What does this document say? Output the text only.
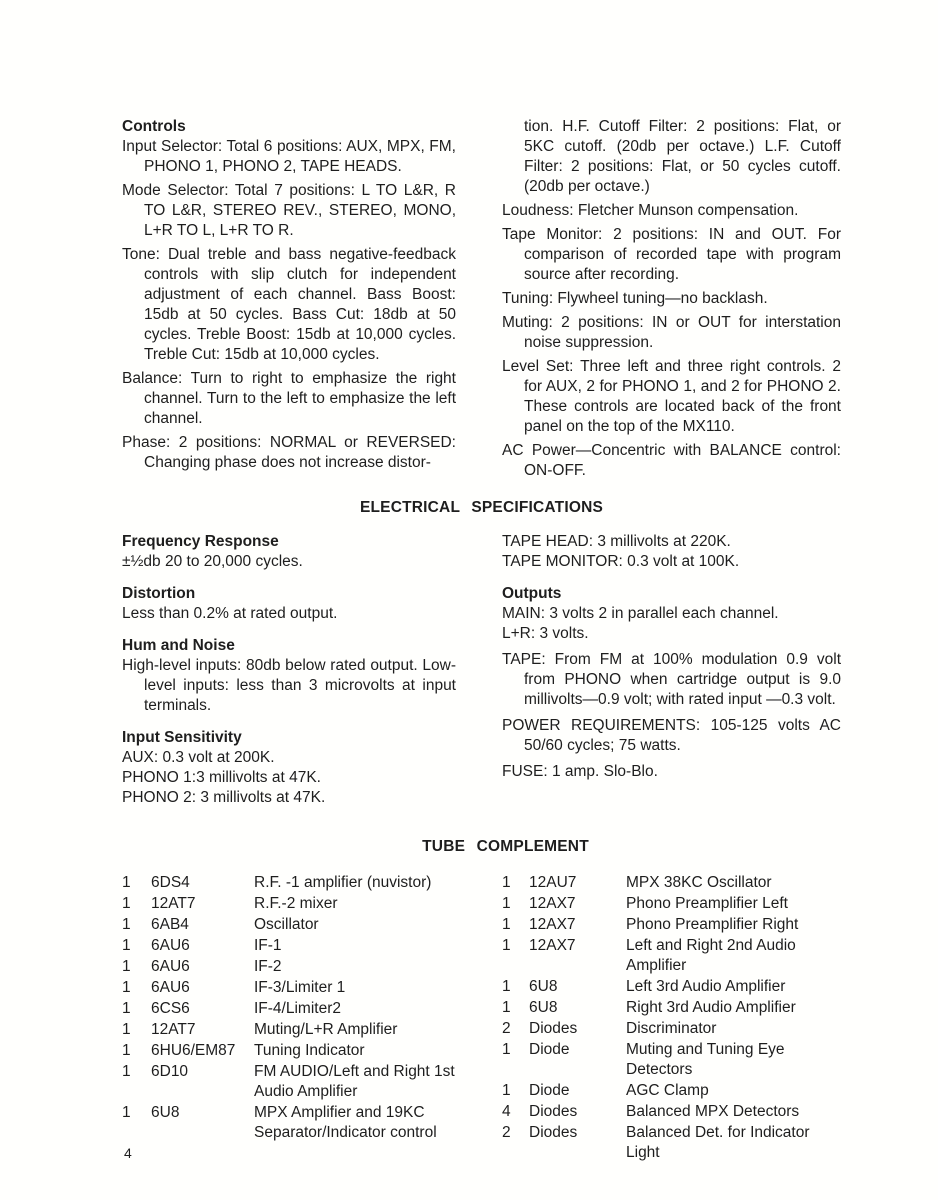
Controls

Input Selector: Total 6 positions: AUX, MPX, FM, PHONO 1, PHONO 2, TAPE HEADS.

Mode Selector: Total 7 positions: L TO L&R, R TO L&R, STEREO REV., STEREO, MONO, L+R TO L, L+R TO R.

Tone: Dual treble and bass negative-feedback controls with slip clutch for independent adjustment of each channel. Bass Boost: 15db at 50 cycles. Bass Cut: 18db at 50 cycles. Treble Boost: 15db at 10,000 cycles. Treble Cut: 15db at 10,000 cycles.

Balance: Turn to right to emphasize the right channel. Turn to the left to emphasize the left channel.

Phase: 2 positions: NORMAL or REVERSED: Changing phase does not increase distor-

tion. H.F. Cutoff Filter: 2 positions: Flat, or 5KC cutoff. (20db per octave.) L.F. Cutoff Filter: 2 positions: Flat, or 50 cycles cutoff. (20db per octave.)

Loudness: Fletcher Munson compensation.

Tape Monitor: 2 positions: IN and OUT. For comparison of recorded tape with program source after recording.

Tuning: Flywheel tuning—no backlash.

Muting: 2 positions: IN or OUT for interstation noise suppression.

Level Set: Three left and three right controls. 2 for AUX, 2 for PHONO 1, and 2 for PHONO 2. These controls are located back of the front panel on the top of the MX110.

AC Power—Concentric with BALANCE control: ON-OFF.

ELECTRICAL SPECIFICATIONS

Frequency Response

±½db 20 to 20,000 cycles.

Distortion

Less than 0.2% at rated output.

Hum and Noise

High-level inputs: 80db below rated output. Low-level inputs: less than 3 microvolts at input terminals.

Input Sensitivity

AUX: 0.3 volt at 200K.

PHONO 1:3 millivolts at 47K.

PHONO 2: 3 millivolts at 47K.

TAPE HEAD: 3 millivolts at 220K.

TAPE MONITOR: 0.3 volt at 100K.

Outputs

MAIN: 3 volts 2 in parallel each channel.

L+R: 3 volts.

TAPE: From FM at 100% modulation 0.9 volt from PHONO when cartridge output is 9.0 millivolts—0.9 volt; with rated input —0.3 volt.

POWER REQUIREMENTS: 105-125 volts AC 50/60 cycles; 75 watts.

FUSE: 1 amp. Slo-Blo.

TUBE COMPLEMENT

1	6DS4	R.F. -1 amplifier (nuvistor)
1	12AT7	R.F.-2 mixer
1	6AB4	Oscillator
1	6AU6	IF-1
1	6AU6	IF-2
1	6AU6	IF-3/Limiter 1
1	6CS6	IF-4/Limiter2
1	12AT7	Muting/L+R Amplifier
1	6HU6/EM87	Tuning Indicator
1	6D10	FM AUDIO/Left and Right 1st Audio Amplifier
1	6U8	MPX Amplifier and 19KC Separator/Indicator control
1	12AU7	MPX 38KC Oscillator
1	12AX7	Phono Preamplifier Left
1	12AX7	Phono Preamplifier Right
1	12AX7	Left and Right 2nd Audio Amplifier
1	6U8	Left 3rd Audio Amplifier
1	6U8	Right 3rd Audio Amplifier
2	Diodes	Discriminator
1	Diode	Muting and Tuning Eye Detectors
1	Diode	AGC Clamp
4	Diodes	Balanced MPX Detectors
2	Diodes	Balanced Det. for Indicator Light
4
